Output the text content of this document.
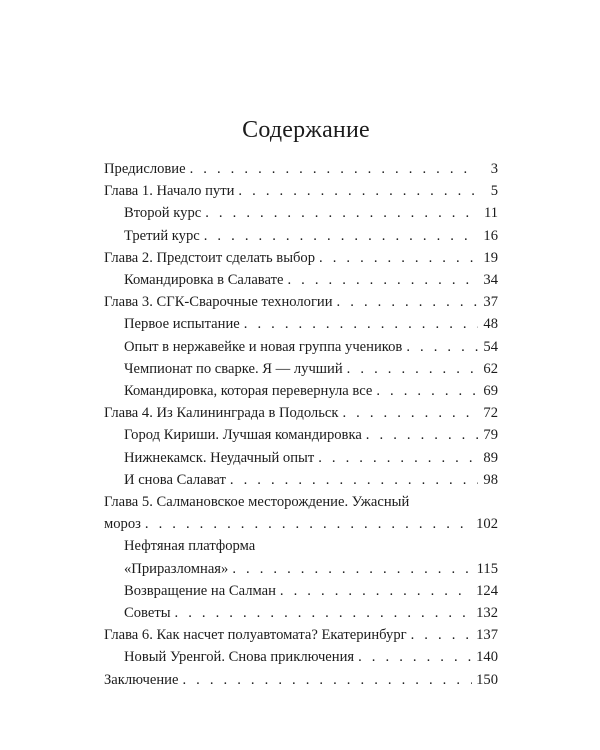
Содержание
Предисловие . . .	3
Глава 1. Начало пути . . .	5
Второй курс . . .	11
Третий курс . . .	16
Глава 2. Предстоит сделать выбор . . .	19
Командировка в Салавате . . .	34
Глава 3. СГК-Сварочные технологии . . .	37
Первое испытание . . .	48
Опыт в нержавейке и новая группа учеников . . .	54
Чемпионат по сварке. Я — лучший . . .	62
Командировка, которая перевернула все . . .	69
Глава 4. Из Калининграда в Подольск . . .	72
Город Кириши. Лучшая командировка . . .	79
Нижнекамск. Неудачный опыт . . .	89
И снова Салават . . .	98
Глава 5. Салмановское месторождение. Ужасный
мороз . . .	102
Нефтяная платформа
«Приразломная» . . .	115
Возвращение на Салман . . .	124
Советы . . .	132
Глава 6. Как насчет полуавтомата? Екатеринбург . . .	137
Новый Уренгой. Снова приключения . . .	140
Заключение . . .	150
